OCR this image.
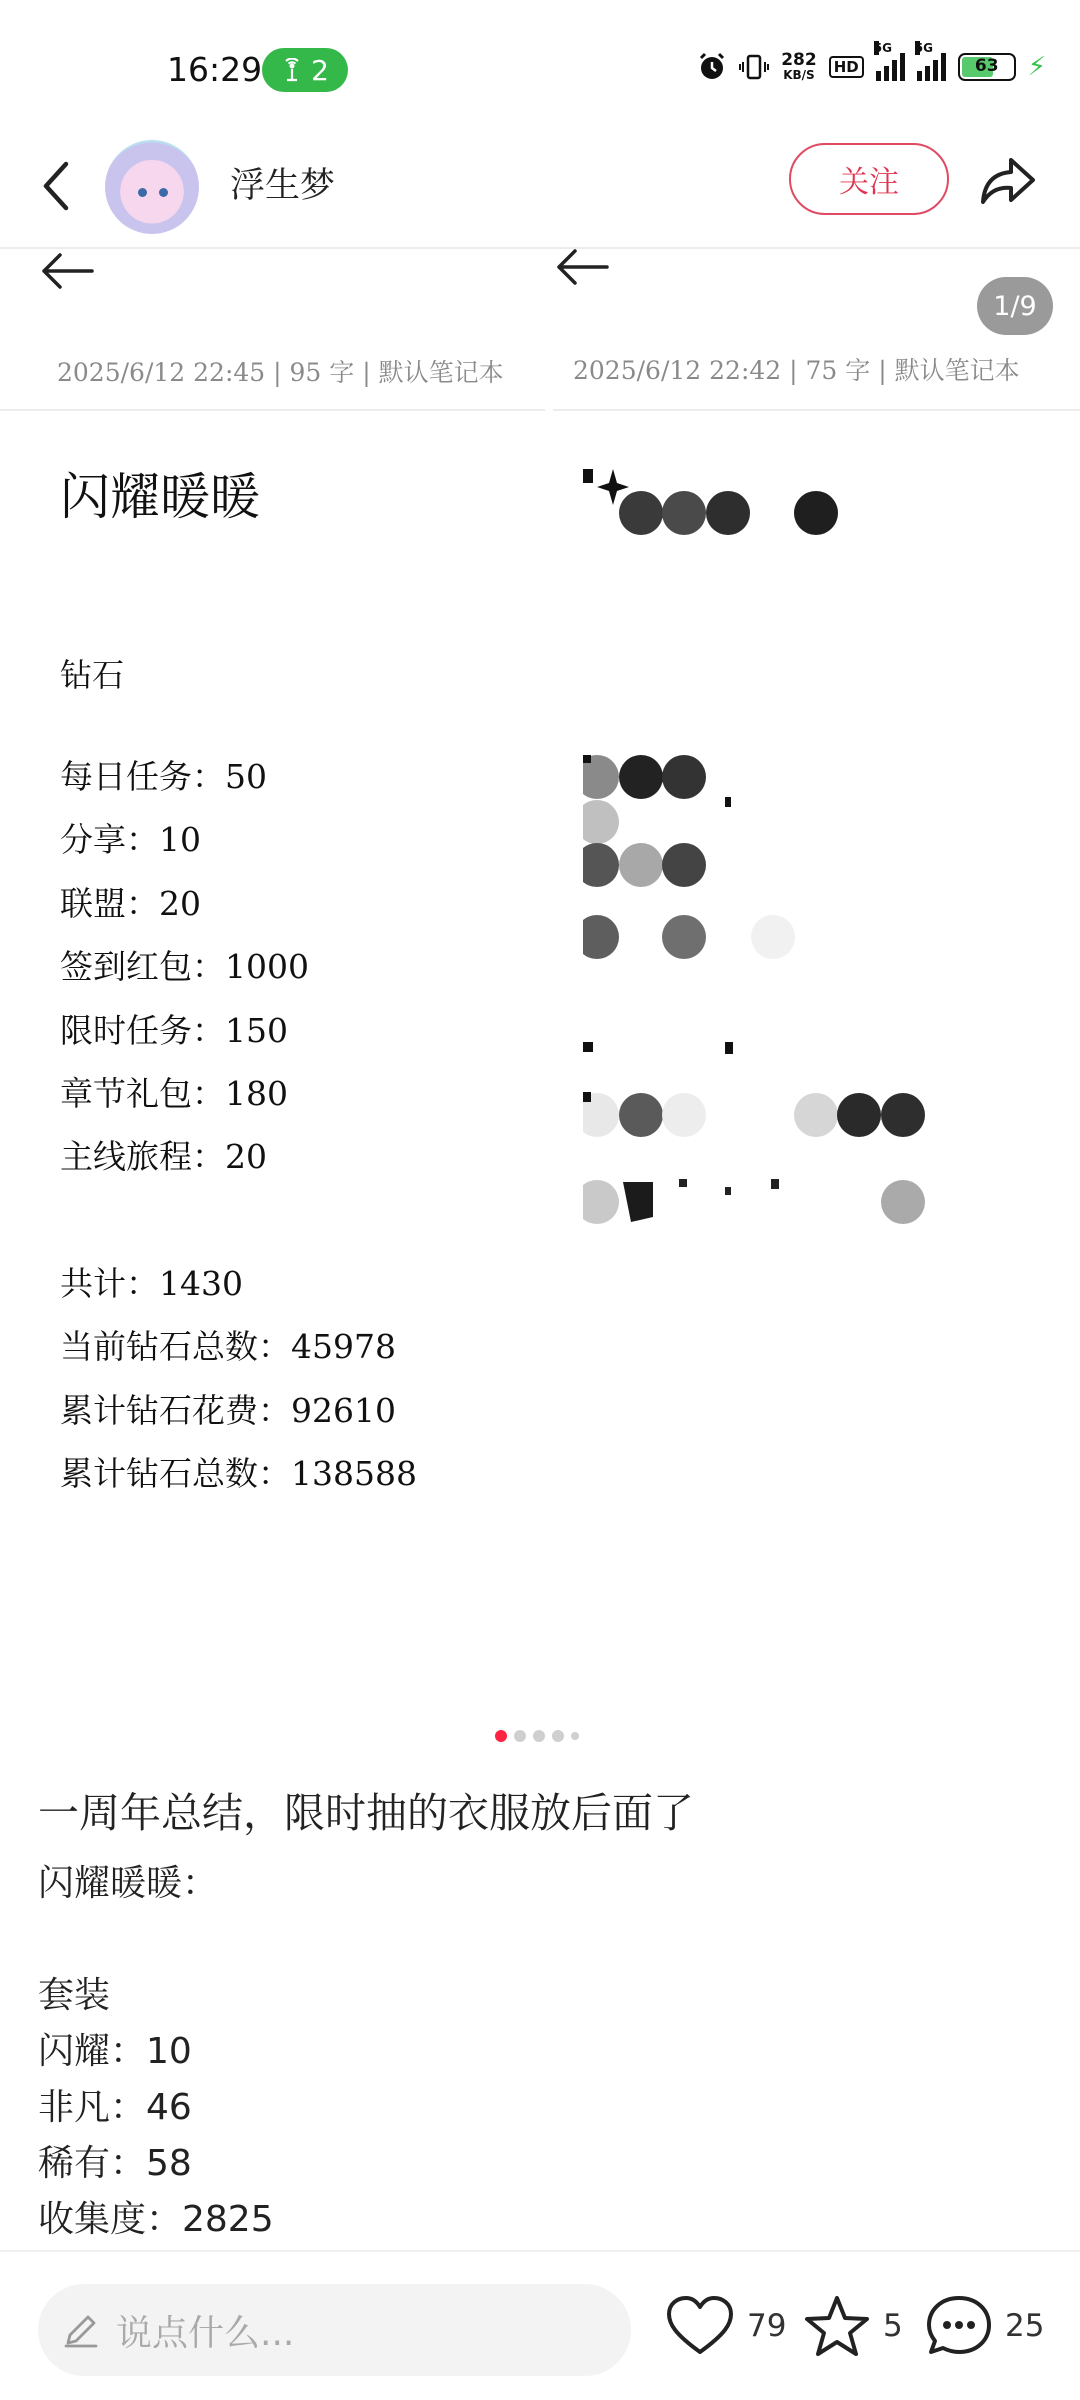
16:29 2	282
KB/S	HD
5G 5G
63	⚡
浮生梦	关注
2025/6/12 22:45 | 95 字 | 默认笔记本
闪耀暖暖
钻石
每日任务：50
分享：10
联盟：20
签到红包：1000
限时任务：150
章节礼包：180
主线旅程：20
共计：1430
当前钻石总数：45978
累计钻石花费：92610
累计钻石总数：138588
2025/6/12 22:42 | 75 字 | 默认笔记本
1/9
一周年总结，限时抽的衣服放后面了
闪耀暖暖：

套装
闪耀：10
非凡：46
稀有：58
收集度：2825
说点什么...	79	5	25
